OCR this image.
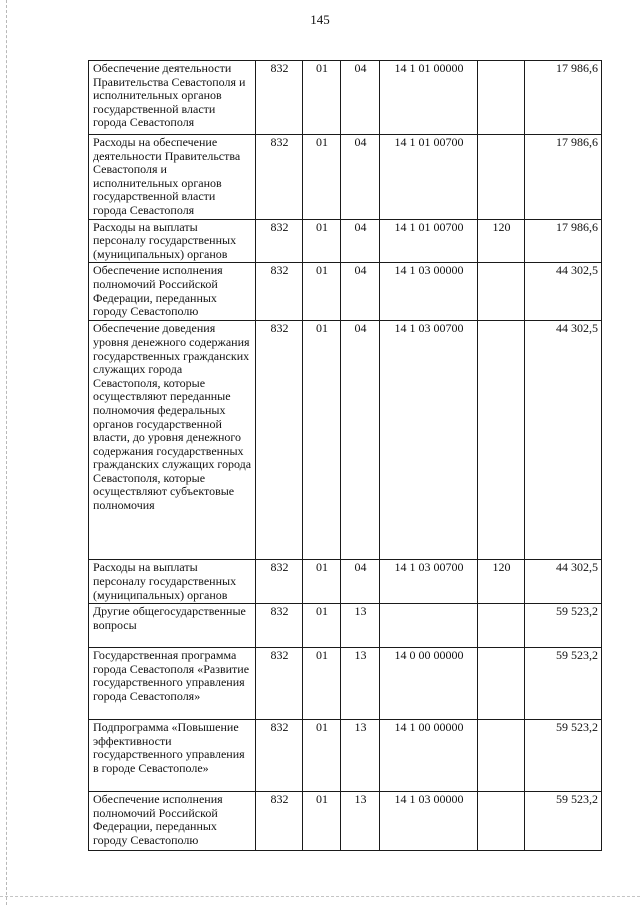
145
Обеспечение деятельности Правительства Севастополя и исполнительных органов государственной власти города Севастополя	832	01	04	14 1 01 00000		17 986,6
Расходы на обеспечение деятельности Правительства Севастополя и исполнительных органов государственной власти города Севастополя	832	01	04	14 1 01 00700		17 986,6
Расходы на выплаты персоналу государственных (муниципальных) органов	832	01	04	14 1 01 00700	120	17 986,6
Обеспечение исполнения полномочий Российской Федерации, переданных городу Севастополю	832	01	04	14 1 03 00000		44 302,5
Обеспечение доведения уровня денежного содержания государственных гражданских служащих города Севастополя, которые осуществляют переданные полномочия федеральных органов государственной власти, до уровня денежного содержания государственных гражданских служащих города Севастополя, которые осуществляют субъектовые полномочия	832	01	04	14 1 03 00700		44 302,5
Расходы на выплаты персоналу государственных (муниципальных) органов	832	01	04	14 1 03 00700	120	44 302,5
Другие общегосударственные вопросы	832	01	13			59 523,2
Государственная программа города Севастополя «Развитие государственного управления города Севастополя»	832	01	13	14 0 00 00000		59 523,2
Подпрограмма «Повышение эффективности государственного управления в городе Севастополе»	832	01	13	14 1 00 00000		59 523,2
Обеспечение исполнения полномочий Российской Федерации, переданных городу Севастополю	832	01	13	14 1 03 00000		59 523,2
